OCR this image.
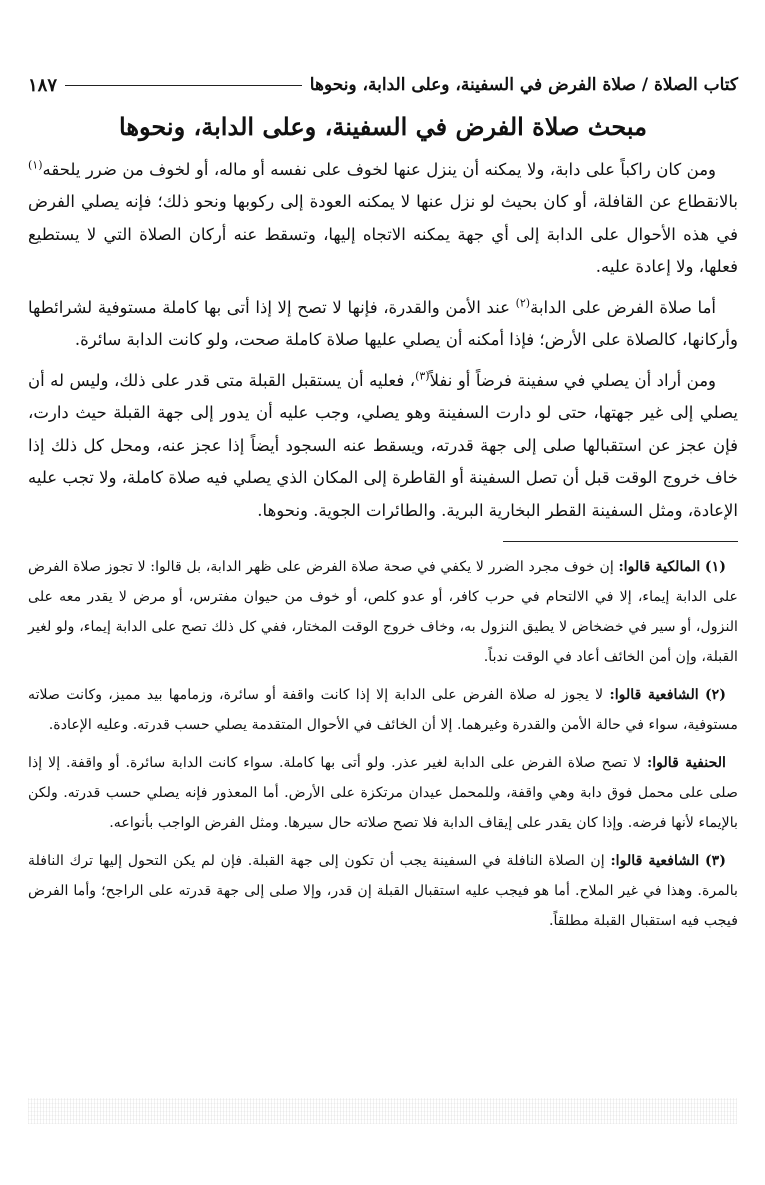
كتاب الصلاة / صلاة الفرض في السفينة، وعلى الدابة، ونحوها
١٨٧
مبحث صلاة الفرض في السفينة، وعلى الدابة، ونحوها

ومن كان راكباً على دابة، ولا يمكنه أن ينزل عنها لخوف على نفسه أو ماله، أو لخوف من ضرر يلحقه$^{(١)}$ بالانقطاع عن القافلة، أو كان بحيث لو نزل عنها لا يمكنه العودة إلى ركوبها ونحو ذلك؛ فإنه يصلي الفرض في هذه الأحوال على الدابة إلى أي جهة يمكنه الاتجاه إليها، وتسقط عنه أركان الصلاة التي لا يستطيع فعلها، ولا إعادة عليه.

أما صلاة الفرض على الدابة$^{(٢)}$ عند الأمن والقدرة، فإنها لا تصح إلا إذا أتى بها كاملة مستوفية لشرائطها وأركانها، كالصلاة على الأرض؛ فإذا أمكنه أن يصلي عليها صلاة كاملة صحت، ولو كانت الدابة سائرة.

ومن أراد أن يصلي في سفينة فرضاً أو نفلاً$^{(٣)}$، فعليه أن يستقبل القبلة متى قدر على ذلك، وليس له أن يصلي إلى غير جهتها، حتى لو دارت السفينة وهو يصلي، وجب عليه أن يدور إلى جهة القبلة حيث دارت، فإن عجز عن استقبالها صلى إلى جهة قدرته، ويسقط عنه السجود أيضاً إذا عجز عنه، ومحل كل ذلك إذا خاف خروج الوقت قبل أن تصل السفينة أو القاطرة إلى المكان الذي يصلي فيه صلاة كاملة، ولا تجب عليه الإعادة، ومثل السفينة القطر البخارية البرية. والطائرات الجوية. ونحوها.

(١) المالكية قالوا: إن خوف مجرد الضرر لا يكفي في صحة صلاة الفرض على ظهر الدابة، بل قالوا: لا تجوز صلاة الفرض على الدابة إيماء، إلا في الالتحام في حرب كافر، أو عدو كلص، أو خوف من حيوان مفترس، أو مرض لا يقدر معه على النزول، أو سير في خضخاض لا يطيق النزول به، وخاف خروج الوقت المختار، ففي كل ذلك تصح على الدابة إيماء، ولو لغير القبلة، وإن أمن الخائف أعاد في الوقت ندباً.

(٢) الشافعية قالوا: لا يجوز له صلاة الفرض على الدابة إلا إذا كانت واقفة أو سائرة، وزمامها بيد مميز، وكانت صلاته مستوفية، سواء في حالة الأمن والقدرة وغيرهما. إلا أن الخائف في الأحوال المتقدمة يصلي حسب قدرته. وعليه الإعادة.

الحنفية قالوا: لا تصح صلاة الفرض على الدابة لغير عذر. ولو أتى بها كاملة. سواء كانت الدابة سائرة. أو واقفة. إلا إذا صلى على محمل فوق دابة وهي واقفة، وللمحمل عيدان مرتكزة على الأرض. أما المعذور فإنه يصلي حسب قدرته. ولكن بالإيماء لأنها فرضه. وإذا كان يقدر على إيقاف الدابة فلا تصح صلاته حال سيرها. ومثل الفرض الواجب بأنواعه.

(٣) الشافعية قالوا: إن الصلاة النافلة في السفينة يجب أن تكون إلى جهة القبلة. فإن لم يكن التحول إليها ترك النافلة بالمرة. وهذا في غير الملاح. أما هو فيجب عليه استقبال القبلة إن قدر، وإلا صلى إلى جهة قدرته على الراجح؛ وأما الفرض فيجب فيه استقبال القبلة مطلقاً.
